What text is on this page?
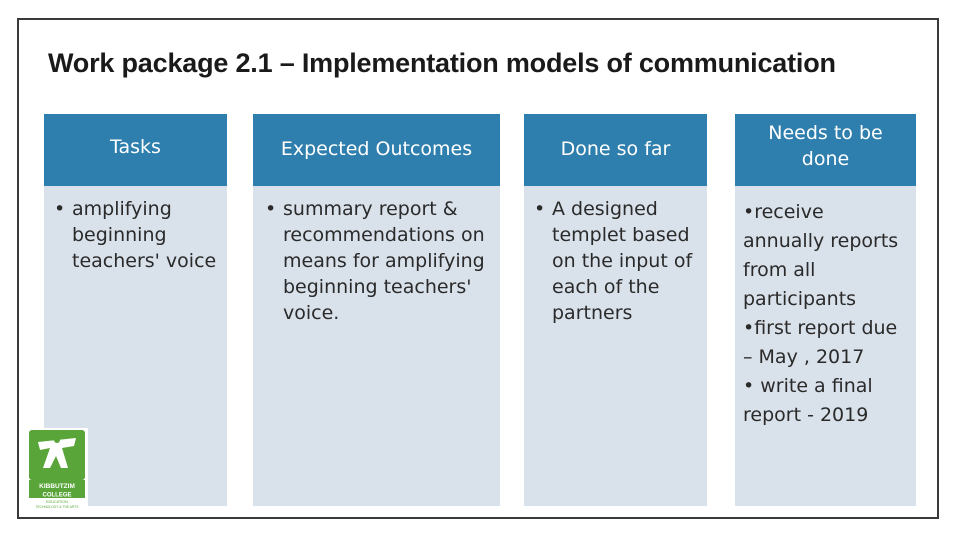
Work package 2.1 – Implementation models of communication
Tasks
• amplifying beginning teachers' voice
Expected Outcomes
• summary report & recommendations on means for amplifying beginning teachers' voice.
Done so far
• A designed templet based on the input of each of the partners
Needs to be done
•receive
annually reports
from all
participants
•first report due
– May , 2017
• write a final
report - 2019
KIBBUTZIM
COLLEGE
EDUCATION
TECHNOLOGY & THE ARTS
